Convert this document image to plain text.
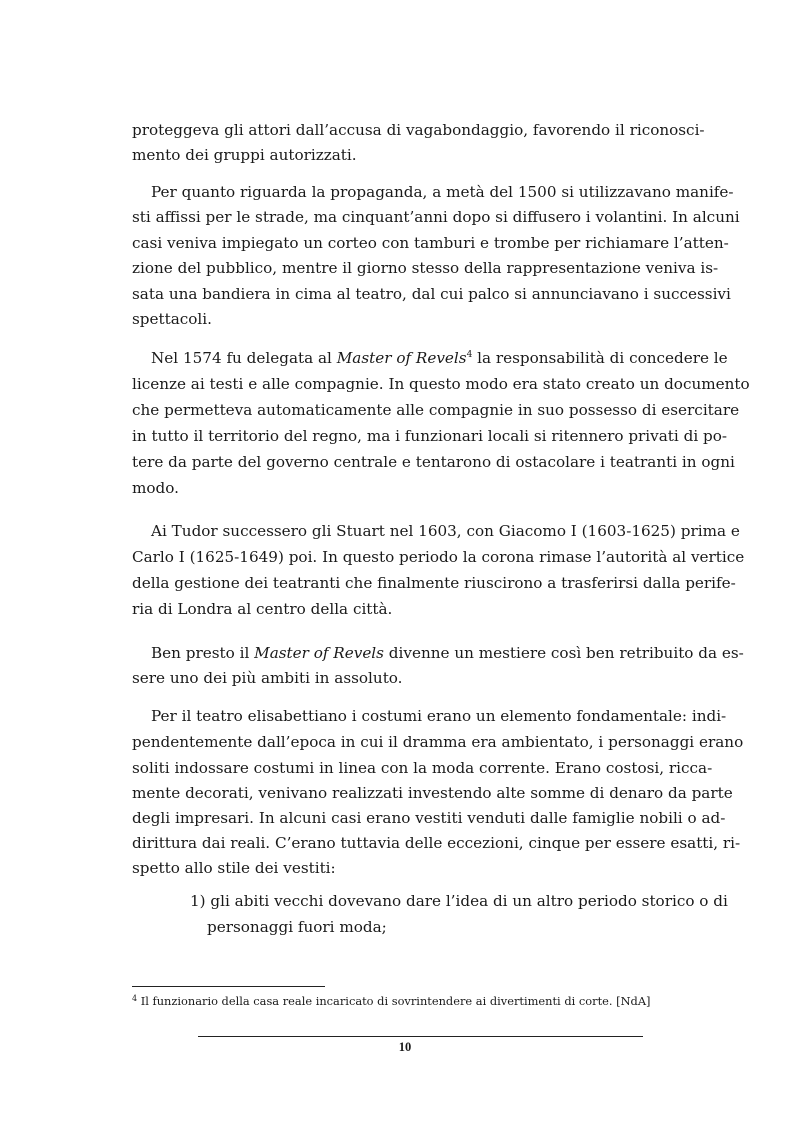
proteggeva gli attori dall’accusa di vagabondaggio, favorendo il riconosci-
mento dei gruppi autorizzati.
Per quanto riguarda la propaganda, a metà del 1500 si utilizzavano manife-
sti affissi per le strade, ma cinquant’anni dopo si diffusero i volantini. In alcuni
casi veniva impiegato un corteo con tamburi e trombe per richiamare l’atten-
zione del pubblico, mentre il giorno stesso della rappresentazione veniva is-
sata una bandiera in cima al teatro, dal cui palco si annunciavano i successivi
spettacoli.
Nel 1574 fu delegata al Master of Revels$^4$ la responsabilità di concedere le
licenze ai testi e alle compagnie. In questo modo era stato creato un documento
che permetteva automaticamente alle compagnie in suo possesso di esercitare
in tutto il territorio del regno, ma i funzionari locali si ritennero privati di po-
tere da parte del governo centrale e tentarono di ostacolare i teatranti in ogni
modo.
Ai Tudor successero gli Stuart nel 1603, con Giacomo I (1603-1625) prima e
Carlo I (1625-1649) poi. In questo periodo la corona rimase l’autorità al vertice
della gestione dei teatranti che finalmente riuscirono a trasferirsi dalla perife-
ria di Londra al centro della città.
Ben presto il Master of Revels divenne un mestiere così ben retribuito da es-
sere uno dei più ambiti in assoluto.
Per il teatro elisabettiano i costumi erano un elemento fondamentale: indi-
pendentemente dall’epoca in cui il dramma era ambientato, i personaggi erano
soliti indossare costumi in linea con la moda corrente. Erano costosi, ricca-
mente decorati, venivano realizzati investendo alte somme di denaro da parte
degli impresari. In alcuni casi erano vestiti venduti dalle famiglie nobili o ad-
dirittura dai reali. C’erano tuttavia delle eccezioni, cinque per essere esatti, ri-
spetto allo stile dei vestiti:
1) gli abiti vecchi dovevano dare l’idea di un altro periodo storico o di
personaggi fuori moda;
$^4$ Il funzionario della casa reale incaricato di sovrintendere ai divertimenti di corte. [NdA]
10
